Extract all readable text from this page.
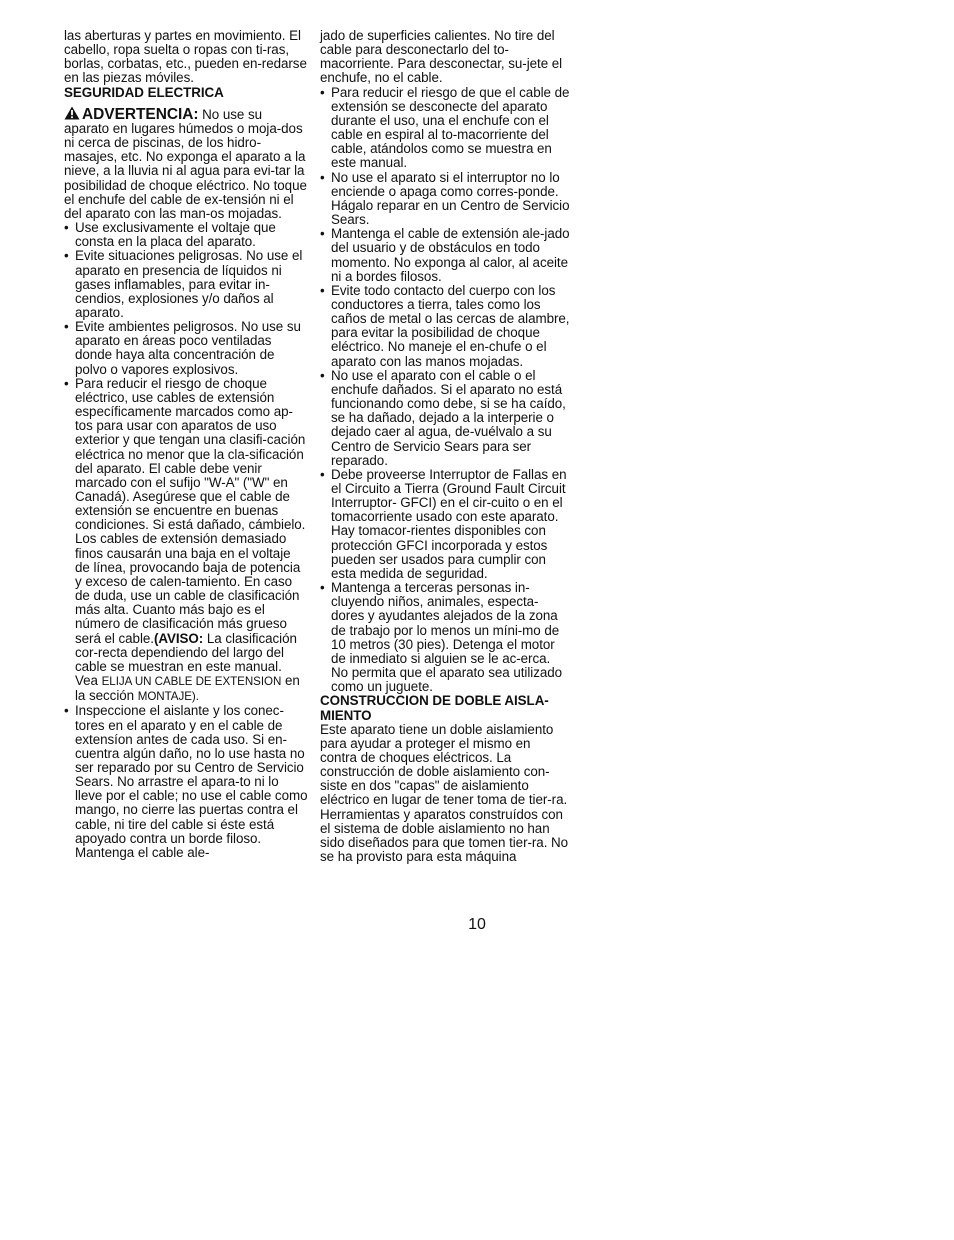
las aberturas y partes en movimiento. El cabello, ropa suelta o ropas con ti-ras, borlas, corbatas, etc., pueden en-redarse en las piezas móviles.

SEGURIDAD ELECTRICA

ADVERTENCIA: No use su aparato en lugares húmedos o moja-dos ni cerca de piscinas, de los hidro-masajes, etc. No exponga el aparato a la nieve, a la lluvia ni al agua para evi-tar la posibilidad de choque eléctrico. No toque el enchufe del cable de ex-tensión ni el del aparato con las man-os mojadas.

• Use exclusivamente el voltaje que consta en la placa del aparato.
• Evite situaciones peligrosas. No use el aparato en presencia de líquidos ni gases inflamables, para evitar in-cendios, explosiones y/o daños al aparato.
• Evite ambientes peligrosos. No use su aparato en áreas poco ventiladas donde haya alta concentración de polvo o vapores explosivos.
• Para reducir el riesgo de choque eléctrico, use cables de extensión específicamente marcados como ap-tos para usar con aparatos de uso exterior y que tengan una clasifi-cación eléctrica no menor que la cla-sificación del aparato. El cable debe venir marcado con el sufijo "W-A" ("W" en Canadá). Asegúrese que el cable de extensión se encuentre en buenas condiciones. Si está dañado, cámbielo. Los cables de extensión demasiado finos causarán una baja en el voltaje de línea, provocando baja de potencia y exceso de calen-tamiento. En caso de duda, use un cable de clasificación más alta. Cuanto más bajo es el número de clasificación más grueso será el cable.(AVISO: La clasificación cor-recta dependiendo del largo del cable se muestran en este manual. Vea ELIJA UN CABLE DE EXTENSION en la sección MONTAJE).
• Inspeccione el aislante y los conec-tores en el aparato y en el cable de extensíon antes de cada uso. Si en-cuentra algún daño, no lo use hasta no ser reparado por su Centro de Servicio Sears. No arrastre el apara-to ni lo lleve por el cable; no use el cable como mango, no cierre las puertas contra el cable, ni tire del cable si éste está apoyado contra un borde filoso. Mantenga el cable ale-

jado de superficies calientes. No tire del cable para desconectarlo del to-macorriente. Para desconectar, su-jete el enchufe, no el cable.

• Para reducir el riesgo de que el cable de extensión se desconecte del aparato durante el uso, una el enchufe con el cable en espiral al to-macorriente del cable, atándolos como se muestra en este manual.
• No use el aparato si el interruptor no lo enciende o apaga como corres-ponde. Hágalo reparar en un Centro de Servicio Sears.
• Mantenga el cable de extensión ale-jado del usuario y de obstáculos en todo momento. No exponga al calor, al aceite ni a bordes filosos.
• Evite todo contacto del cuerpo con los conductores a tierra, tales como los caños de metal o las cercas de alambre, para evitar la posibilidad de choque eléctrico. No maneje el en-chufe o el aparato con las manos mojadas.
• No use el aparato con el cable o el enchufe dañados. Si el aparato no está funcionando como debe, si se ha caído, se ha dañado, dejado a la interperie o dejado caer al agua, de-vuélvalo a su Centro de Servicio Sears para ser reparado.
• Debe proveerse Interruptor de Fallas en el Circuito a Tierra (Ground Fault Circuit Interruptor- GFCI) en el cir-cuito o en el tomacorriente usado con este aparato. Hay tomacor-rientes disponibles con protección GFCI incorporada y estos pueden ser usados para cumplir con esta medida de seguridad.
• Mantenga a terceras personas in-cluyendo niños, animales, especta-dores y ayudantes alejados de la zona de trabajo por lo menos un míni-mo de 10 metros (30 pies). Detenga el motor de inmediato si alguien se le ac-erca. No permita que el aparato sea utilizado como un juguete.

CONSTRUCCION DE DOBLE AISLA-MIENTO

Este aparato tiene un doble aislamiento para ayudar a proteger el mismo en contra de choques eléctricos. La construcción de doble aislamiento con-siste en dos "capas" de aislamiento eléctrico en lugar de tener toma de tier-ra. Herramientas y aparatos construídos con el sistema de doble aislamiento no han sido diseñados para que tomen tier-ra. No se ha provisto para esta máquina

10
